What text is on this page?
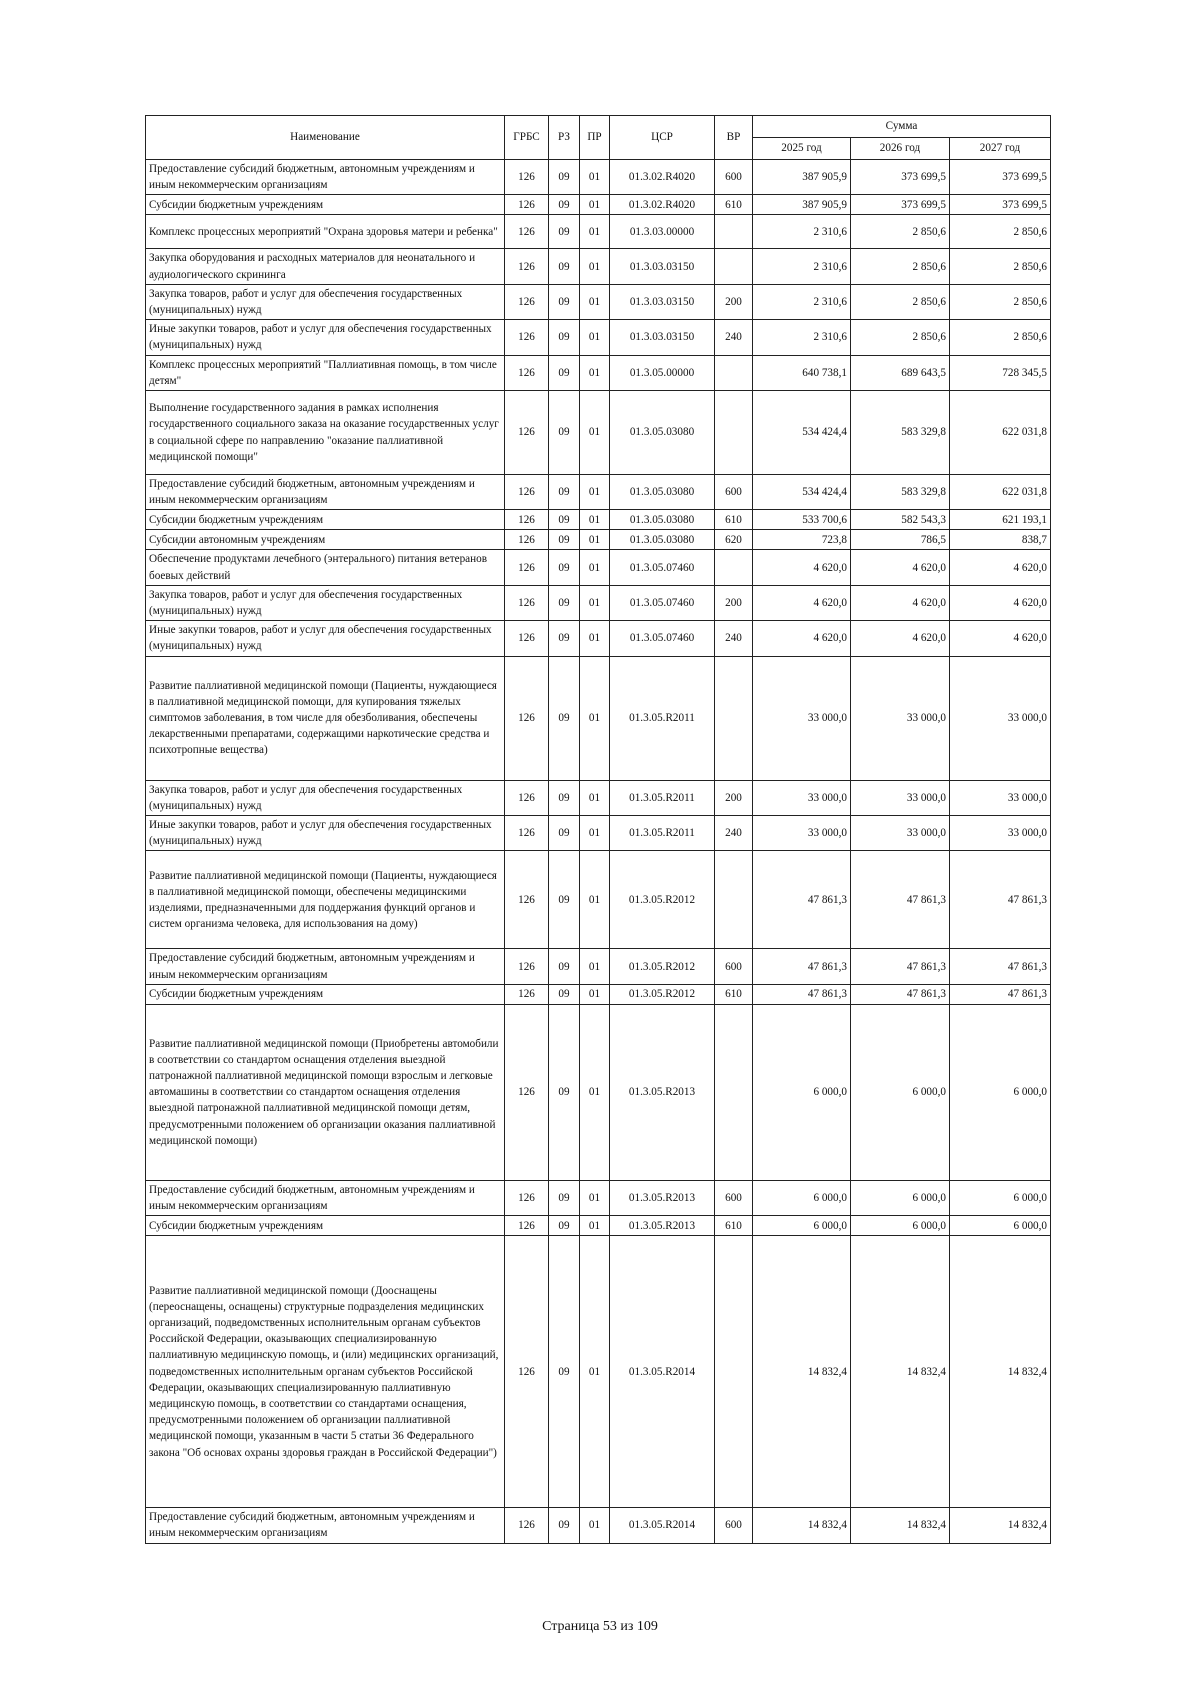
Наименование	ГРБС	РЗ	ПР	ЦСР	ВР	Сумма		
						2025 год	2026 год	2027 год
Предоставление субсидий бюджетным, автономным учреждениям и иным некоммерческим организациям	126	09	01	01.3.02.R4020	600	387 905,9	373 699,5	373 699,5
Субсидии бюджетным учреждениям	126	09	01	01.3.02.R4020	610	387 905,9	373 699,5	373 699,5
Комплекс процессных мероприятий "Охрана здоровья матери и ребенка"	126	09	01	01.3.03.00000		2 310,6	2 850,6	2 850,6
Закупка оборудования и расходных материалов для неонатального и аудиологического скрининга	126	09	01	01.3.03.03150		2 310,6	2 850,6	2 850,6
Закупка товаров, работ и услуг для обеспечения государственных (муниципальных) нужд	126	09	01	01.3.03.03150	200	2 310,6	2 850,6	2 850,6
Иные закупки товаров, работ и услуг для обеспечения государственных (муниципальных) нужд	126	09	01	01.3.03.03150	240	2 310,6	2 850,6	2 850,6
Комплекс процессных мероприятий "Паллиативная помощь, в том числе детям"	126	09	01	01.3.05.00000		640 738,1	689 643,5	728 345,5
Выполнение государственного задания в рамках исполнения государственного социального заказа на оказание государственных услуг в социальной сфере по направлению "оказание паллиативной медицинской помощи"	126	09	01	01.3.05.03080		534 424,4	583 329,8	622 031,8
Предоставление субсидий бюджетным, автономным учреждениям и иным некоммерческим организациям	126	09	01	01.3.05.03080	600	534 424,4	583 329,8	622 031,8
Субсидии бюджетным учреждениям	126	09	01	01.3.05.03080	610	533 700,6	582 543,3	621 193,1
Субсидии автономным учреждениям	126	09	01	01.3.05.03080	620	723,8	786,5	838,7
Обеспечение продуктами лечебного (энтерального) питания ветеранов боевых действий	126	09	01	01.3.05.07460		4 620,0	4 620,0	4 620,0
Закупка товаров, работ и услуг для обеспечения государственных (муниципальных) нужд	126	09	01	01.3.05.07460	200	4 620,0	4 620,0	4 620,0
Иные закупки товаров, работ и услуг для обеспечения государственных (муниципальных) нужд	126	09	01	01.3.05.07460	240	4 620,0	4 620,0	4 620,0
Развитие паллиативной медицинской помощи (Пациенты, нуждающиеся в паллиативной медицинской помощи, для купирования тяжелых симптомов заболевания, в том числе для обезболивания, обеспечены лекарственными препаратами, содержащими наркотические средства и психотропные вещества)	126	09	01	01.3.05.R2011		33 000,0	33 000,0	33 000,0
Закупка товаров, работ и услуг для обеспечения государственных (муниципальных) нужд	126	09	01	01.3.05.R2011	200	33 000,0	33 000,0	33 000,0
Иные закупки товаров, работ и услуг для обеспечения государственных (муниципальных) нужд	126	09	01	01.3.05.R2011	240	33 000,0	33 000,0	33 000,0
Развитие паллиативной медицинской помощи (Пациенты, нуждающиеся в паллиативной медицинской помощи, обеспечены медицинскими изделиями, предназначенными для поддержания функций органов и систем организма человека, для использования на дому)	126	09	01	01.3.05.R2012		47 861,3	47 861,3	47 861,3
Предоставление субсидий бюджетным, автономным учреждениям и иным некоммерческим организациям	126	09	01	01.3.05.R2012	600	47 861,3	47 861,3	47 861,3
Субсидии бюджетным учреждениям	126	09	01	01.3.05.R2012	610	47 861,3	47 861,3	47 861,3
Развитие паллиативной медицинской помощи (Приобретены автомобили в соответствии со стандартом оснащения отделения выездной патронажной паллиативной медицинской помощи взрослым и легковые автомашины в соответствии со стандартом оснащения отделения выездной патронажной паллиативной медицинской помощи детям, предусмотренными положением об организации оказания паллиативной медицинской помощи)	126	09	01	01.3.05.R2013		6 000,0	6 000,0	6 000,0
Предоставление субсидий бюджетным, автономным учреждениям и иным некоммерческим организациям	126	09	01	01.3.05.R2013	600	6 000,0	6 000,0	6 000,0
Субсидии бюджетным учреждениям	126	09	01	01.3.05.R2013	610	6 000,0	6 000,0	6 000,0
Развитие паллиативной медицинской помощи (Дооснащены (переоснащены, оснащены) структурные подразделения медицинских организаций, подведомственных исполнительным органам субъектов Российской Федерации, оказывающих специализированную паллиативную медицинскую помощь, и (или) медицинских организаций, подведомственных исполнительным органам субъектов Российской Федерации, оказывающих специализированную паллиативную медицинскую помощь, в соответствии со стандартами оснащения, предусмотренными положением об организации паллиативной медицинской помощи, указанным в части 5 статьи 36 Федерального закона "Об основах охраны здоровья граждан в Российской Федерации")	126	09	01	01.3.05.R2014		14 832,4	14 832,4	14 832,4
Предоставление субсидий бюджетным, автономным учреждениям и иным некоммерческим организациям	126	09	01	01.3.05.R2014	600	14 832,4	14 832,4	14 832,4
Страница 53 из 109
